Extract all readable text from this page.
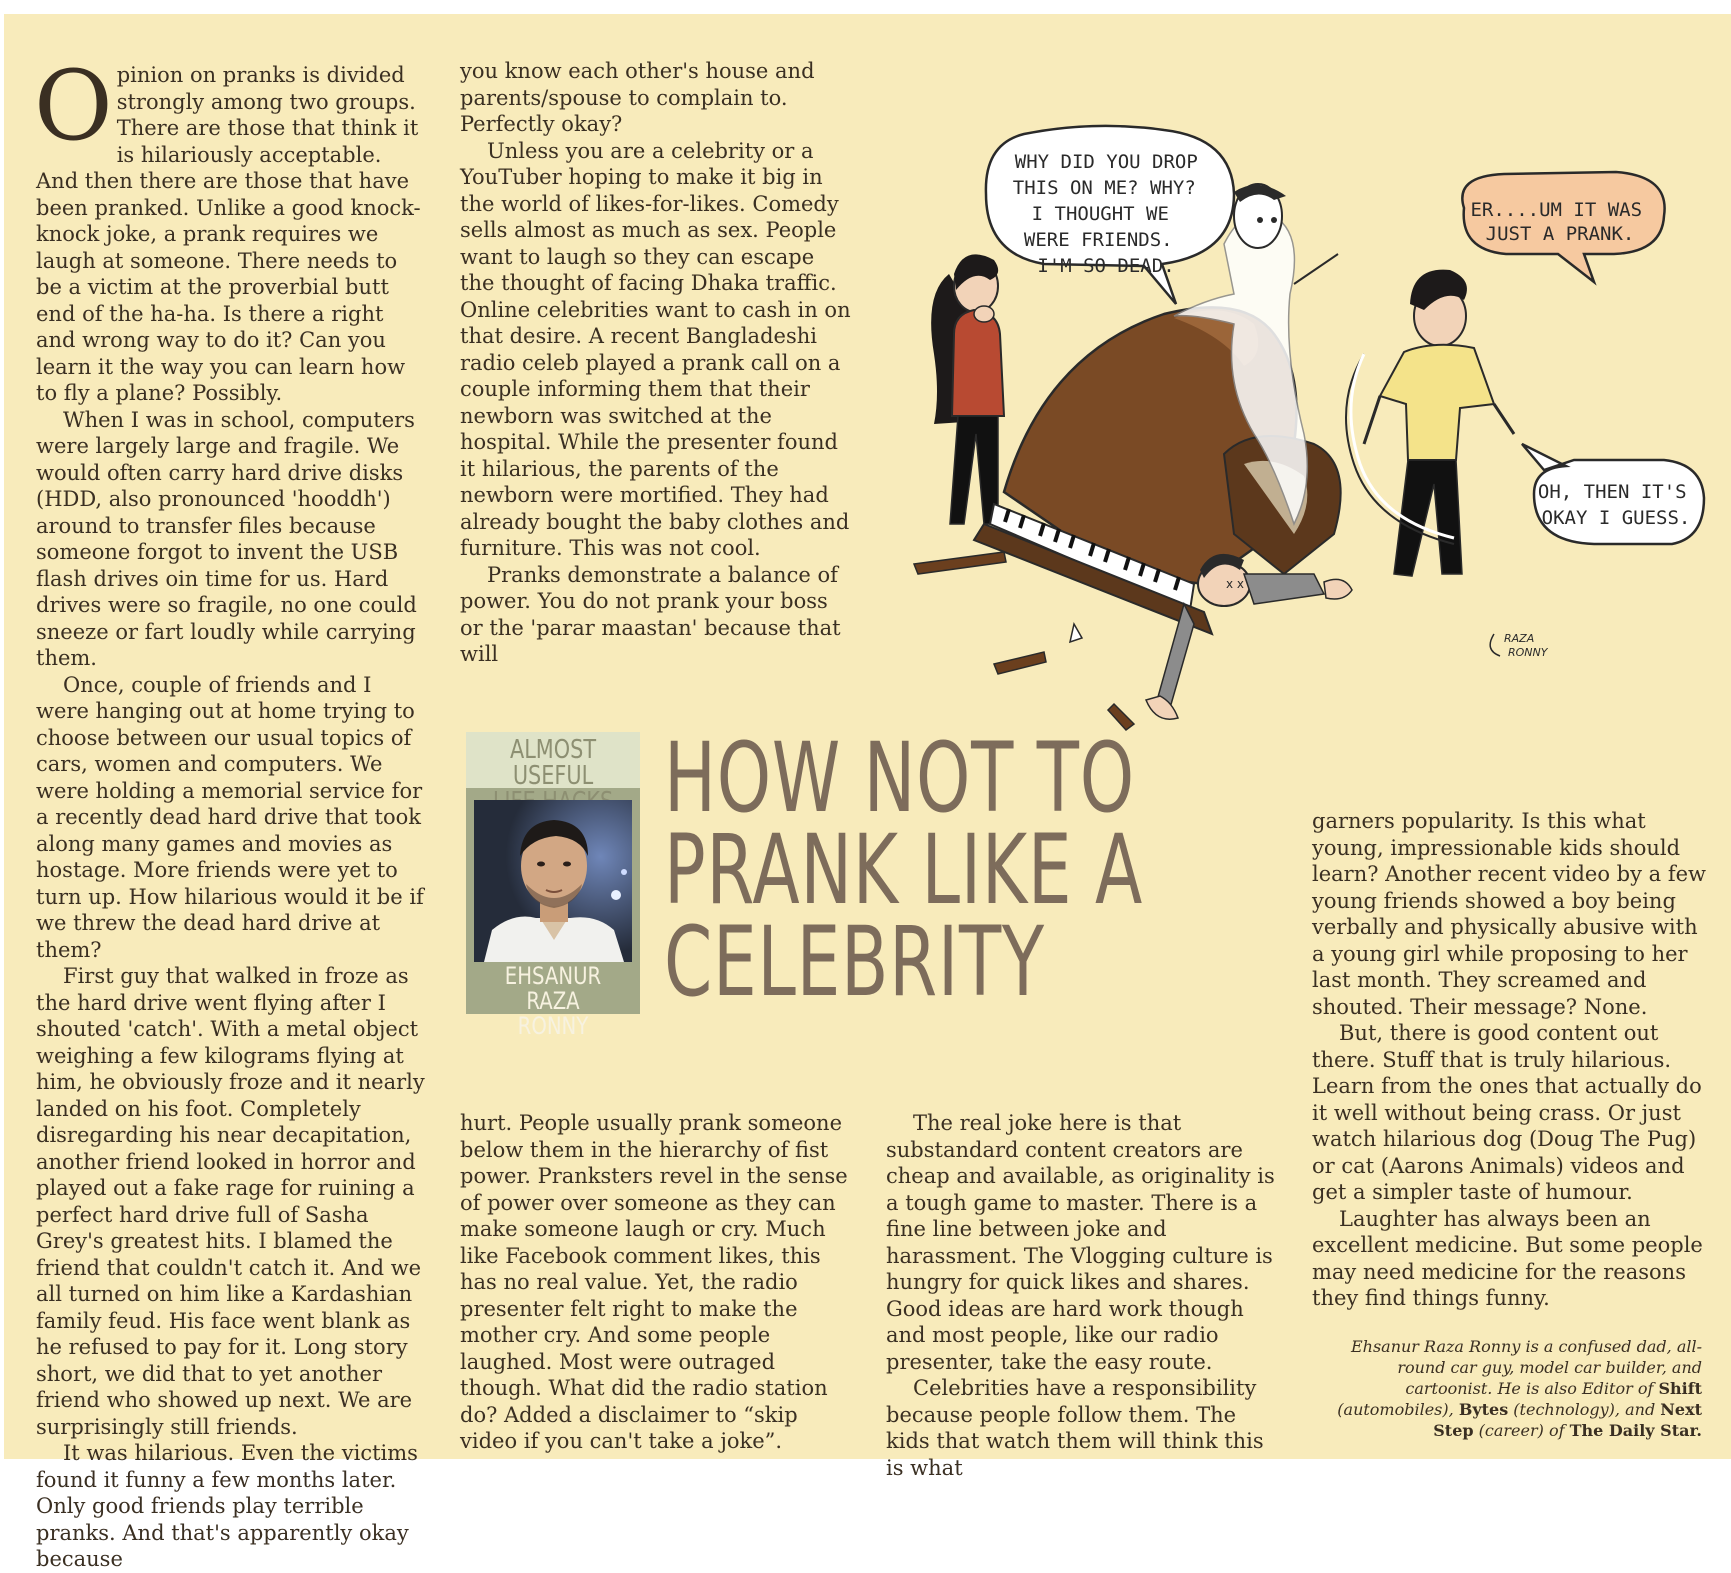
Opinion on pranks is divided strongly among two groups. There are those that think it is hilariously acceptable. And then there are those that have been pranked. Unlike a good knock-knock joke, a prank requires we laugh at someone. There needs to be a victim at the proverbial butt end of the ha-ha. Is there a right and wrong way to do it? Can you learn it the way you can learn how to fly a plane? Possibly.

When I was in school, computers were largely large and fragile. We would often carry hard drive disks (HDD, also pronounced 'hooddh') around to transfer files because someone forgot to invent the USB flash drives oin time for us. Hard drives were so fragile, no one could sneeze or fart loudly while carrying them.

Once, couple of friends and I were hanging out at home trying to choose between our usual topics of cars, women and computers. We were holding a memorial service for a recently dead hard drive that took along many games and movies as hostage. More friends were yet to turn up. How hilarious would it be if we threw the dead hard drive at them?

First guy that walked in froze as the hard drive went flying after I shouted 'catch'. With a metal object weighing a few kilograms flying at him, he obviously froze and it nearly landed on his foot. Completely disregarding his near decapitation, another friend looked in horror and played out a fake rage for ruining a perfect hard drive full of Sasha Grey's greatest hits. I blamed the friend that couldn't catch it. And we all turned on him like a Kardashian family feud. His face went blank as he refused to pay for it. Long story short, we did that to yet another friend who showed up next. We are surprisingly still friends.

It was hilarious. Even the victims found it funny a few months later. Only good friends play terrible pranks. And that's apparently okay because

you know each other's house and parents/spouse to complain to. Perfectly okay?

Unless you are a celebrity or a YouTuber hoping to make it big in the world of likes-for-likes. Comedy sells almost as much as sex. People want to laugh so they can escape the thought of facing Dhaka traffic. Online celebrities want to cash in on that desire. A recent Bangladeshi radio celeb played a prank call on a couple informing them that their newborn was switched at the hospital. While the presenter found it hilarious, the parents of the newborn were mortified. They had already bought the baby clothes and furniture. This was not cool.

Pranks demonstrate a balance of power. You do not prank your boss or the 'parar maastan' because that will

ALMOST USEFUL
EHSANUR RAZA
RONNY
HOW NOT TO
PRANK LIKE A
CELEBRITY

hurt. People usually prank someone below them in the hierarchy of fist power. Pranksters revel in the sense of power over someone as they can make someone laugh or cry. Much like Facebook comment likes, this has no real value. Yet, the radio presenter felt right to make the mother cry. And some people laughed. Most were outraged though. What did the radio station do? Added a disclaimer to “skip video if you can't take a joke”.

The real joke here is that substandard content creators are cheap and available, as originality is a tough game to master. There is a fine line between joke and harassment. The Vlogging culture is hungry for quick likes and shares. Good ideas are hard work though and most people, like our radio presenter, take the easy route.

Celebrities have a responsibility because people follow them. The kids that watch them will think this is what

garners popularity. Is this what young, impressionable kids should learn? Another recent video by a few young friends showed a boy being verbally and physically abusive with a young girl while proposing to her last month. They screamed and shouted. Their message? None.

But, there is good content out there. Stuff that is truly hilarious. Learn from the ones that actually do it well without being crass. Or just watch hilarious dog (Doug The Pug) or cat (Aarons Animals) videos and get a simpler taste of humour.

Laughter has always been an excellent medicine. But some people may need medicine for the reasons they find things funny.

Ehsanur Raza Ronny is a confused dad, all-round car guy, model car builder, and cartoonist. He is also Editor of Shift (automobiles), Bytes (technology), and Next Step (career) of The Daily Star.
WHY DID YOU DROP THIS ON ME? WHY? I THOUGHT WE WERE FRIENDS. I'M SO DEAD.
ER....UM IT WAS JUST A PRANK.
OH, THEN IT'S OKAY I GUESS.
x x
RAZA RONNY
